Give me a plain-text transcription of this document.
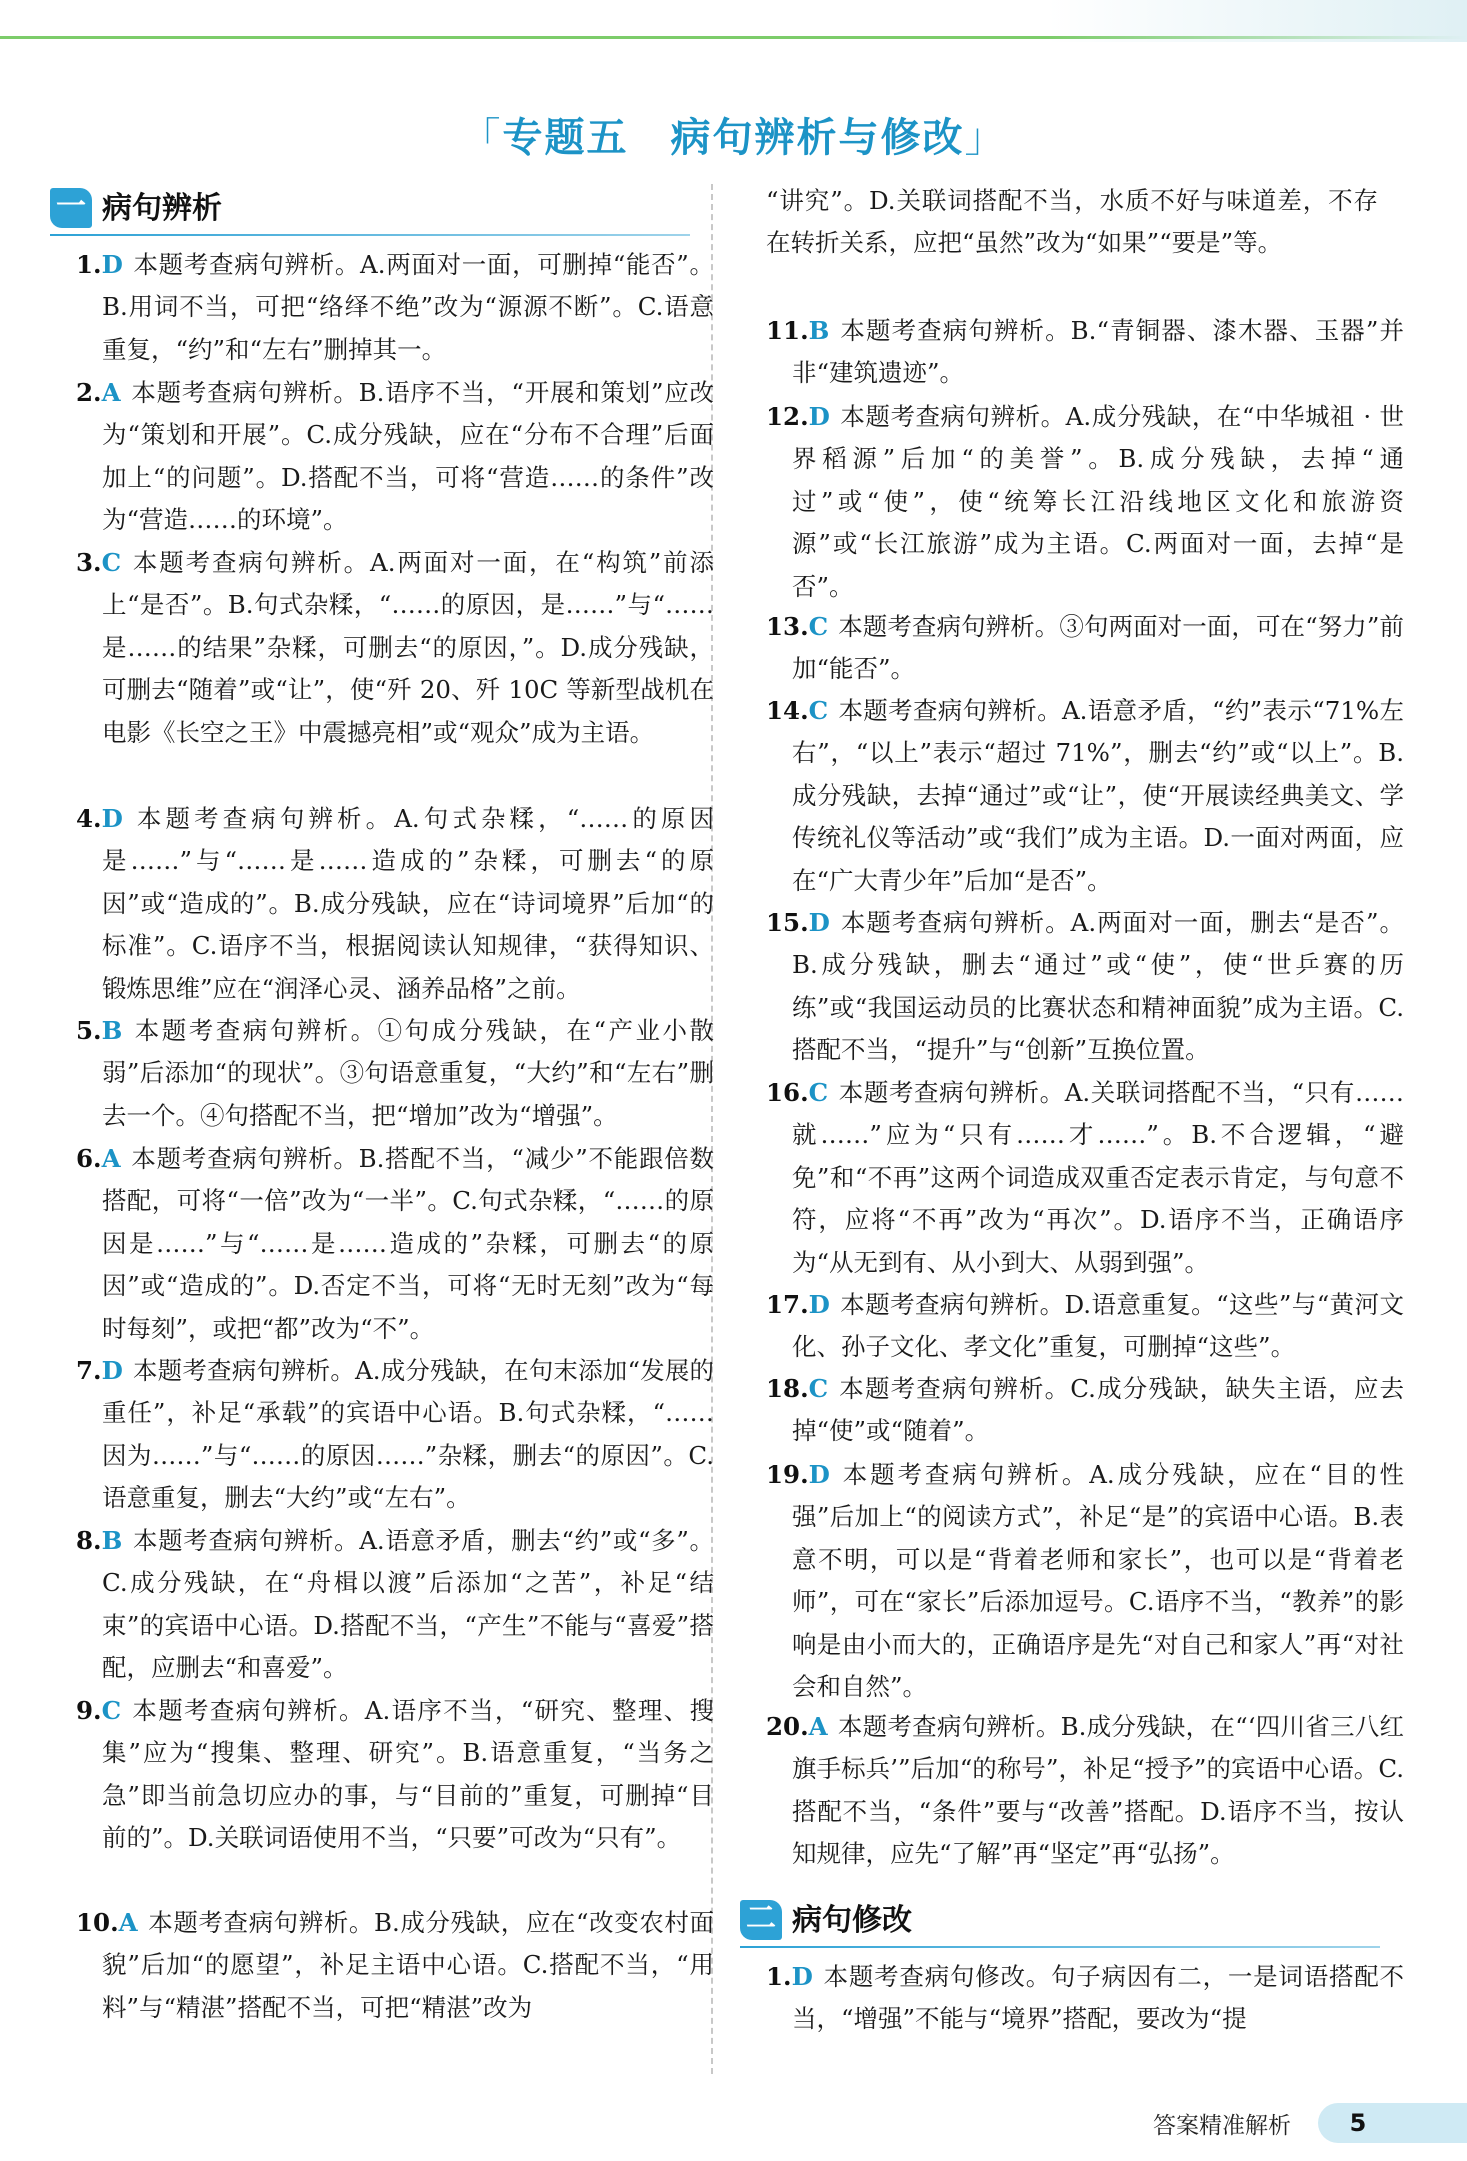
「专题五　病句辨析与修改」
一 病句辨析
1.D 本题考查病句辨析。A.两面对一面，可删掉“能否”。B.用词不当，可把“络绎不绝”改为“源源不断”。C.语意重复，“约”和“左右”删掉其一。
2.A 本题考查病句辨析。B.语序不当，“开展和策划”应改为“策划和开展”。C.成分残缺，应在“分布不合理”后面加上“的问题”。D.搭配不当，可将“营造……的条件”改为“营造……的环境”。
3.C 本题考查病句辨析。A.两面对一面，在“构筑”前添上“是否”。B.句式杂糅，“……的原因，是……”与“……是……的结果”杂糅，可删去“的原因，”。D.成分残缺，可删去“随着”或“让”，使“歼 20、歼 10C 等新型战机在电影《长空之王》中震撼亮相”或“观众”成为主语。
4.D 本题考查病句辨析。A.句式杂糅，“……的原因是……”与“……是……造成的”杂糅，可删去“的原因”或“造成的”。B.成分残缺，应在“诗词境界”后加“的标准”。C.语序不当，根据阅读认知规律，“获得知识、锻炼思维”应在“润泽心灵、涵养品格”之前。
5.B 本题考查病句辨析。①句成分残缺，在“产业小散弱”后添加“的现状”。③句语意重复，“大约”和“左右”删去一个。④句搭配不当，把“增加”改为“增强”。
6.A 本题考查病句辨析。B.搭配不当，“减少”不能跟倍数搭配，可将“一倍”改为“一半”。C.句式杂糅，“……的原因是……”与“……是……造成的”杂糅，可删去“的原因”或“造成的”。D.否定不当，可将“无时无刻”改为“每时每刻”，或把“都”改为“不”。
7.D 本题考查病句辨析。A.成分残缺，在句末添加“发展的重任”，补足“承载”的宾语中心语。B.句式杂糅，“……因为……”与“……的原因……”杂糅，删去“的原因”。C.语意重复，删去“大约”或“左右”。
8.B 本题考查病句辨析。A.语意矛盾，删去“约”或“多”。C.成分残缺，在“舟楫以渡”后添加“之苦”，补足“结束”的宾语中心语。D.搭配不当，“产生”不能与“喜爱”搭配，应删去“和喜爱”。
9.C 本题考查病句辨析。A.语序不当，“研究、整理、搜集”应为“搜集、整理、研究”。B.语意重复，“当务之急”即当前急切应办的事，与“目前的”重复，可删掉“目前的”。D.关联词语使用不当，“只要”可改为“只有”。
10.A 本题考查病句辨析。B.成分残缺，应在“改变农村面貌”后加“的愿望”，补足主语中心语。C.搭配不当，“用料”与“精湛”搭配不当，可把“精湛”改为
“讲究”。D.关联词搭配不当，水质不好与味道差，不存在转折关系，应把“虽然”改为“如果”“要是”等。
11.B 本题考查病句辨析。B.“青铜器、漆木器、玉器”并非“建筑遗迹”。
12.D 本题考查病句辨析。A.成分残缺，在“中华城祖 · 世界稻源”后加“的美誉”。B.成分残缺，去掉“通过”或“使”，使“统筹长江沿线地区文化和旅游资源”或“长江旅游”成为主语。C.两面对一面，去掉“是否”。
13.C 本题考查病句辨析。③句两面对一面，可在“努力”前加“能否”。
14.C 本题考查病句辨析。A.语意矛盾，“约”表示“71%左右”，“以上”表示“超过 71%”，删去“约”或“以上”。B.成分残缺，去掉“通过”或“让”，使“开展读经典美文、学传统礼仪等活动”或“我们”成为主语。D.一面对两面，应在“广大青少年”后加“是否”。
15.D 本题考查病句辨析。A.两面对一面，删去“是否”。B.成分残缺，删去“通过”或“使”，使“世乒赛的历练”或“我国运动员的比赛状态和精神面貌”成为主语。C.搭配不当，“提升”与“创新”互换位置。
16.C 本题考查病句辨析。A.关联词搭配不当，“只有……就……”应为“只有……才……”。B.不合逻辑，“避免”和“不再”这两个词造成双重否定表示肯定，与句意不符，应将“不再”改为“再次”。D.语序不当，正确语序为“从无到有、从小到大、从弱到强”。
17.D 本题考查病句辨析。D.语意重复。“这些”与“黄河文化、孙子文化、孝文化”重复，可删掉“这些”。
18.C 本题考查病句辨析。C.成分残缺，缺失主语，应去掉“使”或“随着”。
19.D 本题考查病句辨析。A.成分残缺，应在“目的性强”后加上“的阅读方式”，补足“是”的宾语中心语。B.表意不明，可以是“背着老师和家长”，也可以是“背着老师”，可在“家长”后添加逗号。C.语序不当，“教养”的影响是由小而大的，正确语序是先“对自己和家人”再“对社会和自然”。
20.A 本题考查病句辨析。B.成分残缺，在“‘四川省三八红旗手标兵’”后加“的称号”，补足“授予”的宾语中心语。C.搭配不当，“条件”要与“改善”搭配。D.语序不当，按认知规律，应先“了解”再“坚定”再“弘扬”。
二 病句修改
1.D 本题考查病句修改。句子病因有二，一是词语搭配不当，“增强”不能与“境界”搭配，要改为“提
答案精准解析	5
